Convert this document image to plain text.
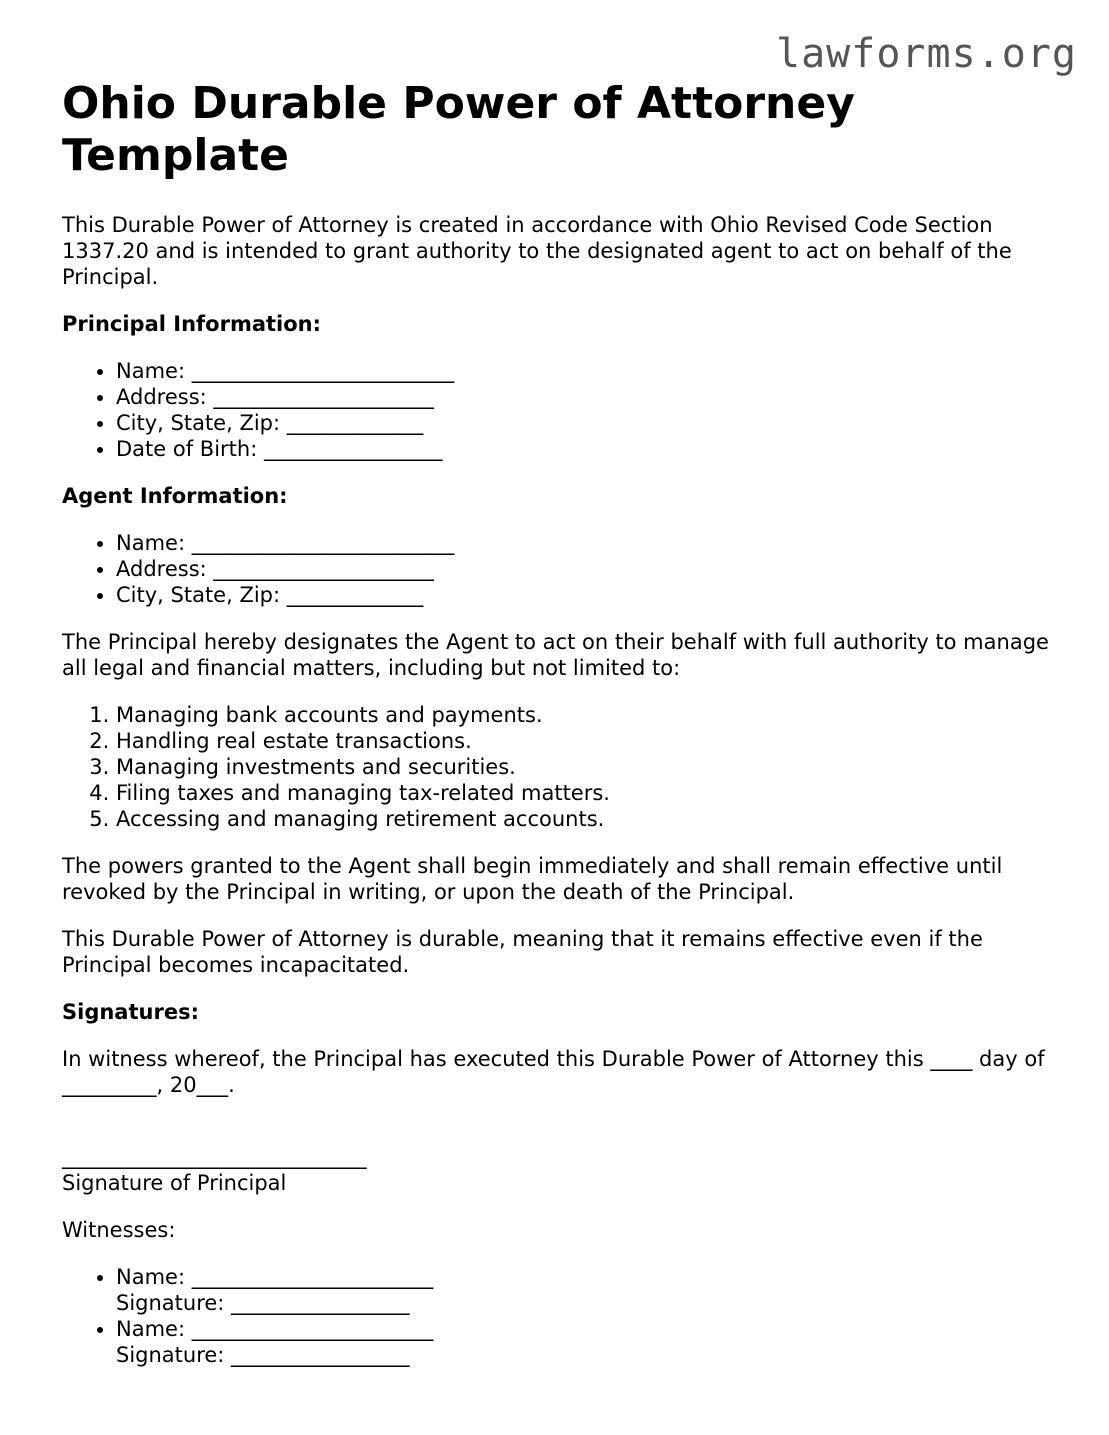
lawforms.org
Ohio Durable Power of Attorney Template

This Durable Power of Attorney is created in accordance with Ohio Revised Code Section 1337.20 and is intended to grant authority to the designated agent to act on behalf of the Principal.

Principal Information:
• Name: _________________________
• Address: _____________________
• City, State, Zip: _____________
• Date of Birth: _________________
Agent Information:
• Name: _________________________
• Address: _____________________
• City, State, Zip: _____________

The Principal hereby designates the Agent to act on their behalf with full authority to manage all legal and financial matters, including but not limited to:

1. Managing bank accounts and payments.
2. Handling real estate transactions.
3. Managing investments and securities.
4. Filing taxes and managing tax-related matters.
5. Accessing and managing retirement accounts.

The powers granted to the Agent shall begin immediately and shall remain effective until revoked by the Principal in writing, or upon the death of the Principal.

This Durable Power of Attorney is durable, meaning that it remains effective even if the Principal becomes incapacitated.

Signatures:

In witness whereof, the Principal has executed this Durable Power of Attorney this ____ day of _________, 20___.

_____________________________
Signature of Principal

Witnesses:

• Name: _______________________
Signature: _________________
• Name: _______________________
Signature: _________________
